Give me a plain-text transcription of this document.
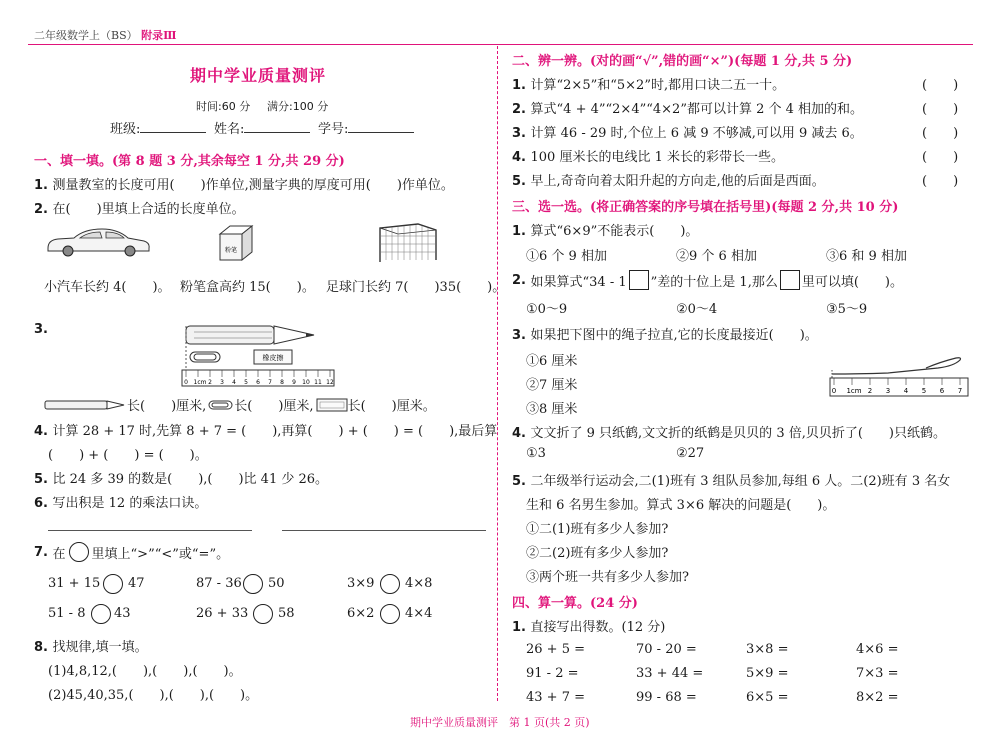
二年级数学上（BS） 附录Ⅲ
期中学业质量测评
时间:60 分 满分:100 分
班级:	姓名:	学号:
一、填一填。(第 8 题 3 分,其余每空 1 分,共 29 分)
1. 测量教室的长度可用(　　)作单位,测量字典的厚度可用(　　)作单位。
2. 在(　　)里填上合适的长度单位。
粉笔
小汽车长约 4(　　)。 粉笔盒高约 15(　　)。 足球门长约 7(　　)35(　　)。
3.
橡皮擦
0 1cm 2 3 4 5 6 7 8 9 10 11 12
长(　　)厘米, 长(　　)厘米,	长(　　)厘米。
4. 计算 28 + 17 时,先算 8 + 7 = (　　),再算(　　) + (　　) = (　　),最后算
(　　) + (　　) = (　　)。
5. 比 24 多 39 的数是(　　),(　　)比 41 少 26。
6. 写出积是 12 的乘法口诀。
7. 在 里填上“>”“<”或“=”。
31 + 15 47	87 - 36 50	3×9 4×8
51 - 8 43	26 + 33 58	6×2 4×4
8. 找规律,填一填。
(1)4,8,12,(　　),(　　),(　　)。
(2)45,40,35,(　　),(　　),(　　)。
二、辨一辨。(对的画“√”,错的画“×”)(每题 1 分,共 5 分)
1. 计算“2×5”和“5×2”时,都用口诀二五一十。
2. 算式“4 + 4”“2×4”“4×2”都可以计算 2 个 4 相加的和。
3. 计算 46 - 29 时,个位上 6 减 9 不够减,可以用 9 减去 6。
4. 100 厘米长的电线比 1 米长的彩带长一些。
5. 早上,奇奇向着太阳升起的方向走,他的后面是西面。
(　　)
(　　)
(　　)
(　　)
(　　)
三、选一选。(将正确答案的序号填在括号里)(每题 2 分,共 10 分)
1. 算式“6×9”不能表示(　　)。
①6 个 9 相加	②9 个 6 相加	③6 和 9 相加
2. 如果算式“34 - 1 ”差的十位上是 1,那么 里可以填(　　)。
①0～9	②0～4	③5～9
3. 如果把下图中的绳子拉直,它的长度最接近(　　)。
①6 厘米
②7 厘米
③8 厘米
0 1cm 2 3 4 5 6 7
4. 文文折了 9 只纸鹤,文文折的纸鹤是贝贝的 3 倍,贝贝折了(　　)只纸鹤。
①3	②27
5. 二年级举行运动会,二(1)班有 3 组队员参加,每组 6 人。二(2)班有 3 名女
生和 6 名男生参加。算式 3×6 解决的问题是(　　)。
①二(1)班有多少人参加?
②二(2)班有多少人参加?
③两个班一共有多少人参加?
四、算一算。(24 分)
1. 直接写出得数。(12 分)
26 + 5 =	70 - 20 =	3×8 =	4×6 =
91 - 2 =	33 + 44 =	5×9 =	7×3 =
43 + 7 =	99 - 68 =	6×5 =	8×2 =
期中学业质量测评　第 1 页(共 2 页)
